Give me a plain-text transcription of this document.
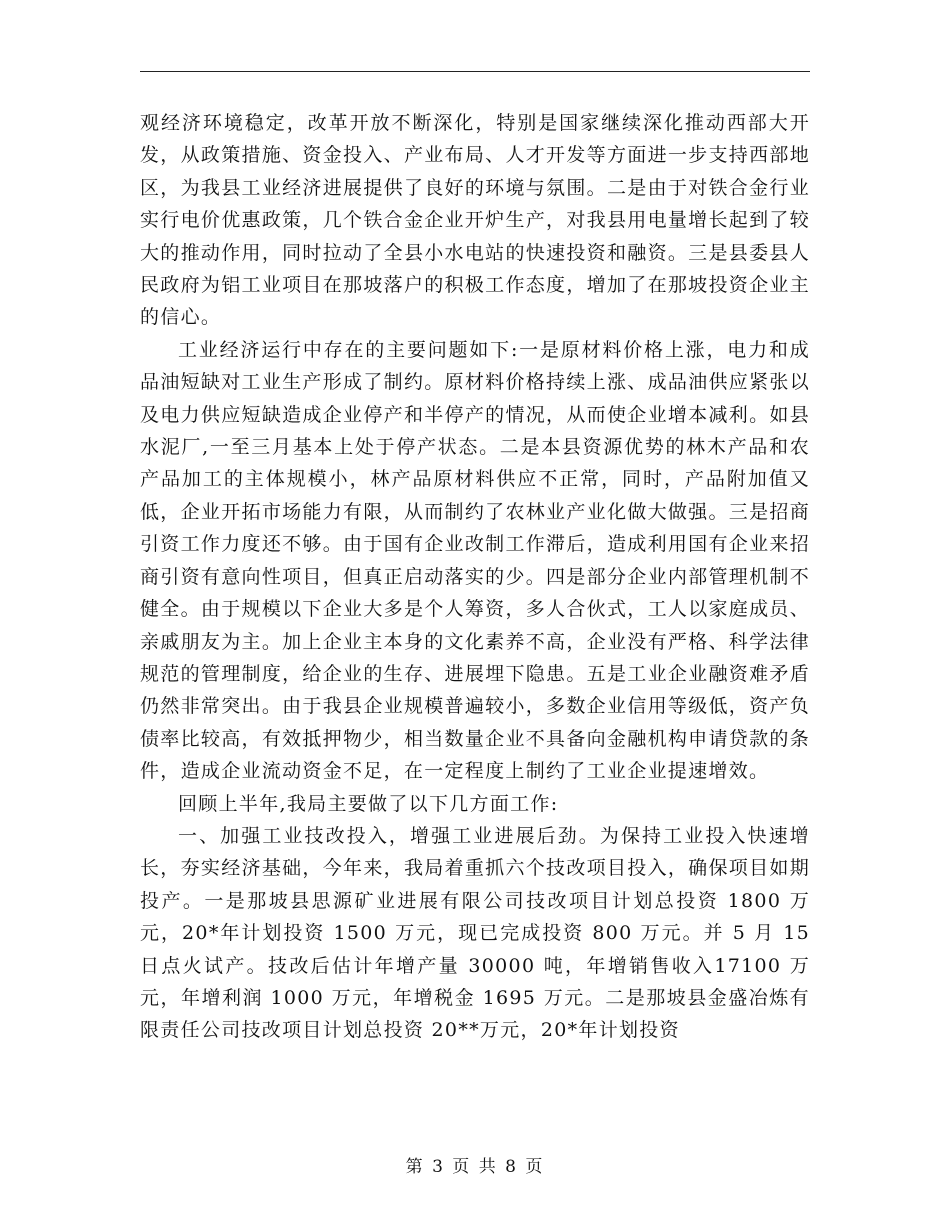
观经济环境稳定，改革开放不断深化，特别是国家继续深化推动西部大开发，从政策措施、资金投入、产业布局、人才开发等方面进一步支持西部地区，为我县工业经济进展提供了良好的环境与氛围。二是由于对铁合金行业实行电价优惠政策，几个铁合金企业开炉生产，对我县用电量增长起到了较大的推动作用，同时拉动了全县小水电站的快速投资和融资。三是县委县人民政府为铝工业项目在那坡落户的积极工作态度，增加了在那坡投资企业主的信心。

工业经济运行中存在的主要问题如下:一是原材料价格上涨，电力和成品油短缺对工业生产形成了制约。原材料价格持续上涨、成品油供应紧张以及电力供应短缺造成企业停产和半停产的情况，从而使企业增本减利。如县水泥厂,一至三月基本上处于停产状态。二是本县资源优势的林木产品和农产品加工的主体规模小，林产品原材料供应不正常，同时，产品附加值又低，企业开拓市场能力有限，从而制约了农林业产业化做大做强。三是招商引资工作力度还不够。由于国有企业改制工作滞后，造成利用国有企业来招商引资有意向性项目，但真正启动落实的少。四是部分企业内部管理机制不健全。由于规模以下企业大多是个人筹资，多人合伙式，工人以家庭成员、亲戚朋友为主。加上企业主本身的文化素养不高，企业没有严格、科学法律规范的管理制度，给企业的生存、进展埋下隐患。五是工业企业融资难矛盾仍然非常突出。由于我县企业规模普遍较小，多数企业信用等级低，资产负债率比较高，有效抵押物少，相当数量企业不具备向金融机构申请贷款的条件，造成企业流动资金不足，在一定程度上制约了工业企业提速增效。

回顾上半年,我局主要做了以下几方面工作:

一、加强工业技改投入，增强工业进展后劲。为保持工业投入快速增长，夯实经济基础，今年来，我局着重抓六个技改项目投入，确保项目如期投产。一是那坡县思源矿业进展有限公司技改项目计划总投资 1800 万元，20*年计划投资 1500 万元，现已完成投资 800 万元。并 5 月 15 日点火试产。技改后估计年增产量 30000 吨，年增销售收入17100 万元，年增利润 1000 万元，年增税金 1695 万元。二是那坡县金盛冶炼有限责任公司技改项目计划总投资 20**万元，20*年计划投资

第 3 页 共 8 页
